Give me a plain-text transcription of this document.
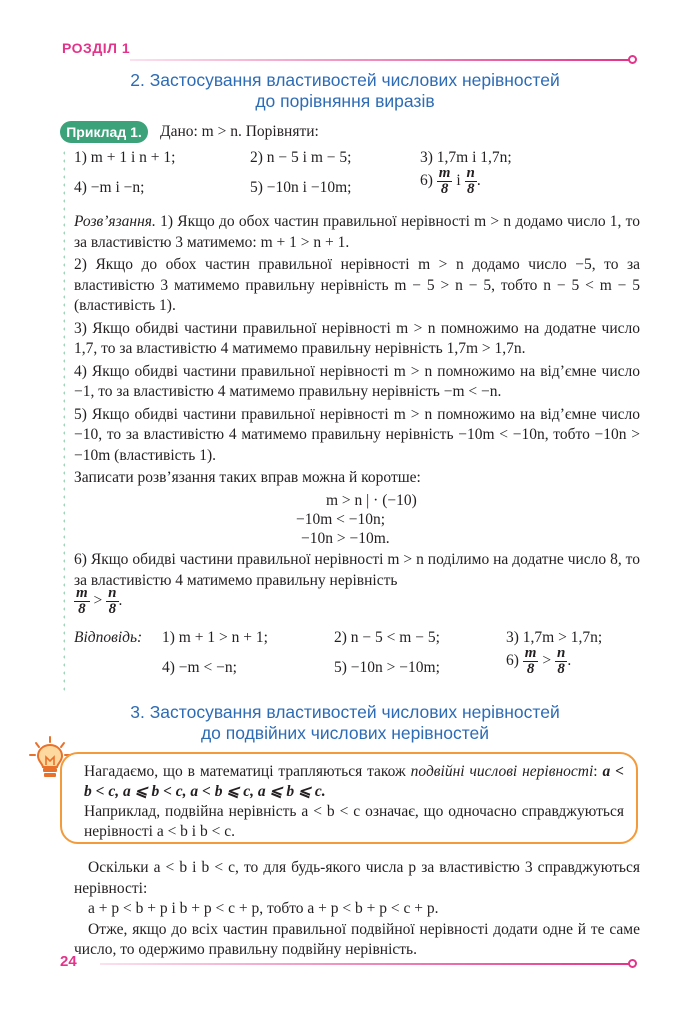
РОЗДІЛ 1
2. Застосування властивостей числових нерівностей
до порівняння виразів
Приклад 1.	Дано: m > n. Порівняти:
1) m + 1 і n + 1;	2) n − 5 і m − 5;	3) 1,7m і 1,7n;
4) −m і −n;	5) −10n і −10m;	$6) \frac{m}{8}$ і $\frac{n}{8}$ .

Розв’язання. 1) Якщо до обох частин правильної нерівності m > n додамо число 1, то за властивістю 3 матимемо: m + 1 > n + 1.

2) Якщо до обох частин правильної нерівності m > n додамо число −5, то за властивістю 3 матимемо правильну нерівність m − 5 > n − 5, тобто n − 5 < m − 5 (властивість 1).

3) Якщо обидві частини правильної нерівності m > n помножимо на додатне число 1,7, то за властивістю 4 матимемо правильну нерівність 1,7m > 1,7n.

4) Якщо обидві частини правильної нерівності m > n помножимо на від’ємне число −1, то за властивістю 4 матимемо правильну нерівність −m < −n.

5) Якщо обидві частини правильної нерівності m > n помножимо на від’ємне число −10, то за властивістю 4 матимемо правильну нерівність −10m < −10n, тобто −10n > −10m (властивість 1).

Записати розв’язання таких вправ можна й коротше:

m > n | · (−10)
−10m < −10n;
−10n > −10m.
6) Якщо обидві частини правильної нерівності m > n поділимо на додатне число 8, то за властивістю 4 матимемо правильну нерівність
$\frac{m}{8} > \frac{n}{8}$ .
Відповідь: 1) m + 1 > n + 1;	2) n − 5 < m − 5;	3) 1,7m > 1,7n;
4) −m < −n;	5) −10n > −10m;	$6) \frac{m}{8} > \frac{n}{8}$ .
3. Застосування властивостей числових нерівностей
до подвійних числових нерівностей

Нагадаємо, що в математиці трапляються також подвійні числові нерівності: a < b < c, a ⩽ b < c, a < b ⩽ c, a ⩽ b ⩽ c.

Наприклад, подвійна нерівність a < b < c означає, що одночасно справджуються нерівності a < b і b < c.

Оскільки a < b і b < c, то для будь-якого числа p за властивістю 3 справджуються нерівності:

a + p < b + p і b + p < c + p, тобто a + p < b + p < c + p.

Отже, якщо до всіх частин правильної подвійної нерівності додати одне й те саме число, то одержимо правильну подвійну нерівність.

24
